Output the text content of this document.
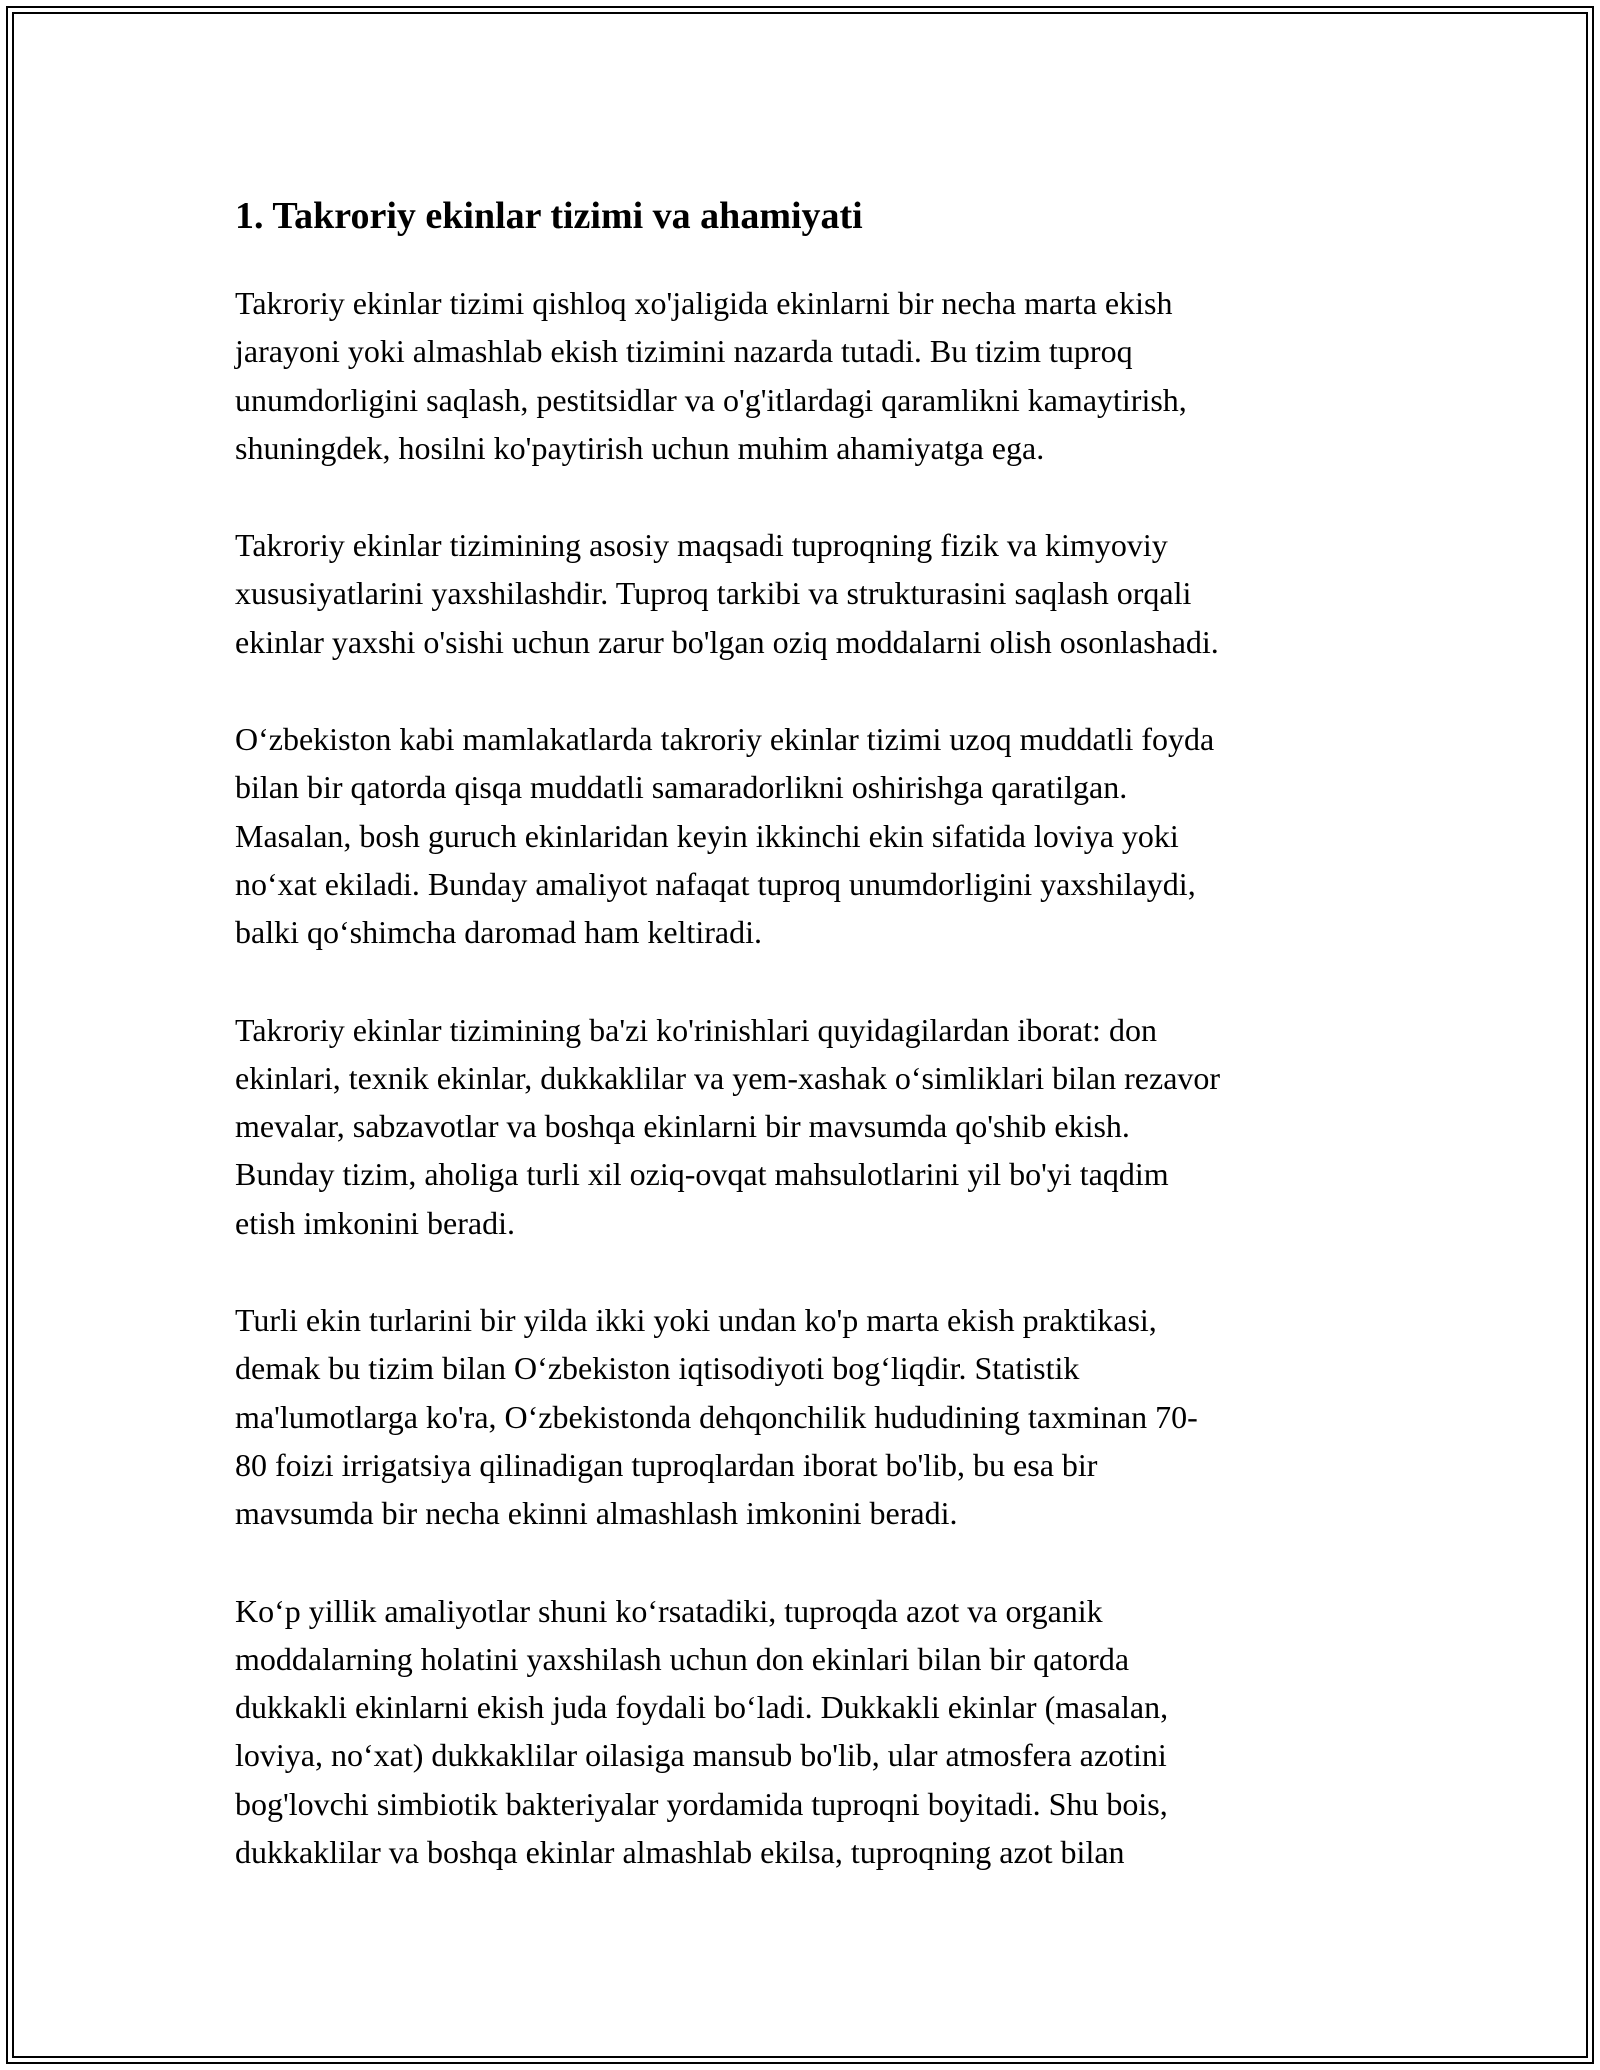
1. Takroriy ekinlar tizimi va ahamiyati

Takroriy ekinlar tizimi qishloq xo'jaligida ekinlarni bir necha marta ekish
jarayoni yoki almashlab ekish tizimini nazarda tutadi. Bu tizim tuproq
unumdorligini saqlash, pestitsidlar va o'g'itlardagi qaramlikni kamaytirish,
shuningdek, hosilni ko'paytirish uchun muhim ahamiyatga ega.

Takroriy ekinlar tizimining asosiy maqsadi tuproqning fizik va kimyoviy
xususiyatlarini yaxshilashdir. Tuproq tarkibi va strukturasini saqlash orqali
ekinlar yaxshi o'sishi uchun zarur bo'lgan oziq moddalarni olish osonlashadi.

O‘zbekiston kabi mamlakatlarda takroriy ekinlar tizimi uzoq muddatli foyda
bilan bir qatorda qisqa muddatli samaradorlikni oshirishga qaratilgan.
Masalan, bosh guruch ekinlaridan keyin ikkinchi ekin sifatida loviya yoki
no‘xat ekiladi. Bunday amaliyot nafaqat tuproq unumdorligini yaxshilaydi,
balki qo‘shimcha daromad ham keltiradi.

Takroriy ekinlar tizimining ba'zi ko'rinishlari quyidagilardan iborat: don
ekinlari, texnik ekinlar, dukkaklilar va yem-xashak o‘simliklari bilan rezavor
mevalar, sabzavotlar va boshqa ekinlarni bir mavsumda qo'shib ekish.
Bunday tizim, aholiga turli xil oziq-ovqat mahsulotlarini yil bo'yi taqdim
etish imkonini beradi.

Turli ekin turlarini bir yilda ikki yoki undan ko'p marta ekish praktikasi,
demak bu tizim bilan O‘zbekiston iqtisodiyoti bog‘liqdir. Statistik
ma'lumotlarga ko'ra, O‘zbekistonda dehqonchilik hududining taxminan 70-
80 foizi irrigatsiya qilinadigan tuproqlardan iborat bo'lib, bu esa bir
mavsumda bir necha ekinni almashlash imkonini beradi.

Ko‘p yillik amaliyotlar shuni ko‘rsatadiki, tuproqda azot va organik
moddalarning holatini yaxshilash uchun don ekinlari bilan bir qatorda
dukkakli ekinlarni ekish juda foydali bo‘ladi. Dukkakli ekinlar (masalan,
loviya, no‘xat) dukkaklilar oilasiga mansub bo'lib, ular atmosfera azotini
bog'lovchi simbiotik bakteriyalar yordamida tuproqni boyitadi. Shu bois,
dukkaklilar va boshqa ekinlar almashlab ekilsa, tuproqning azot bilan
